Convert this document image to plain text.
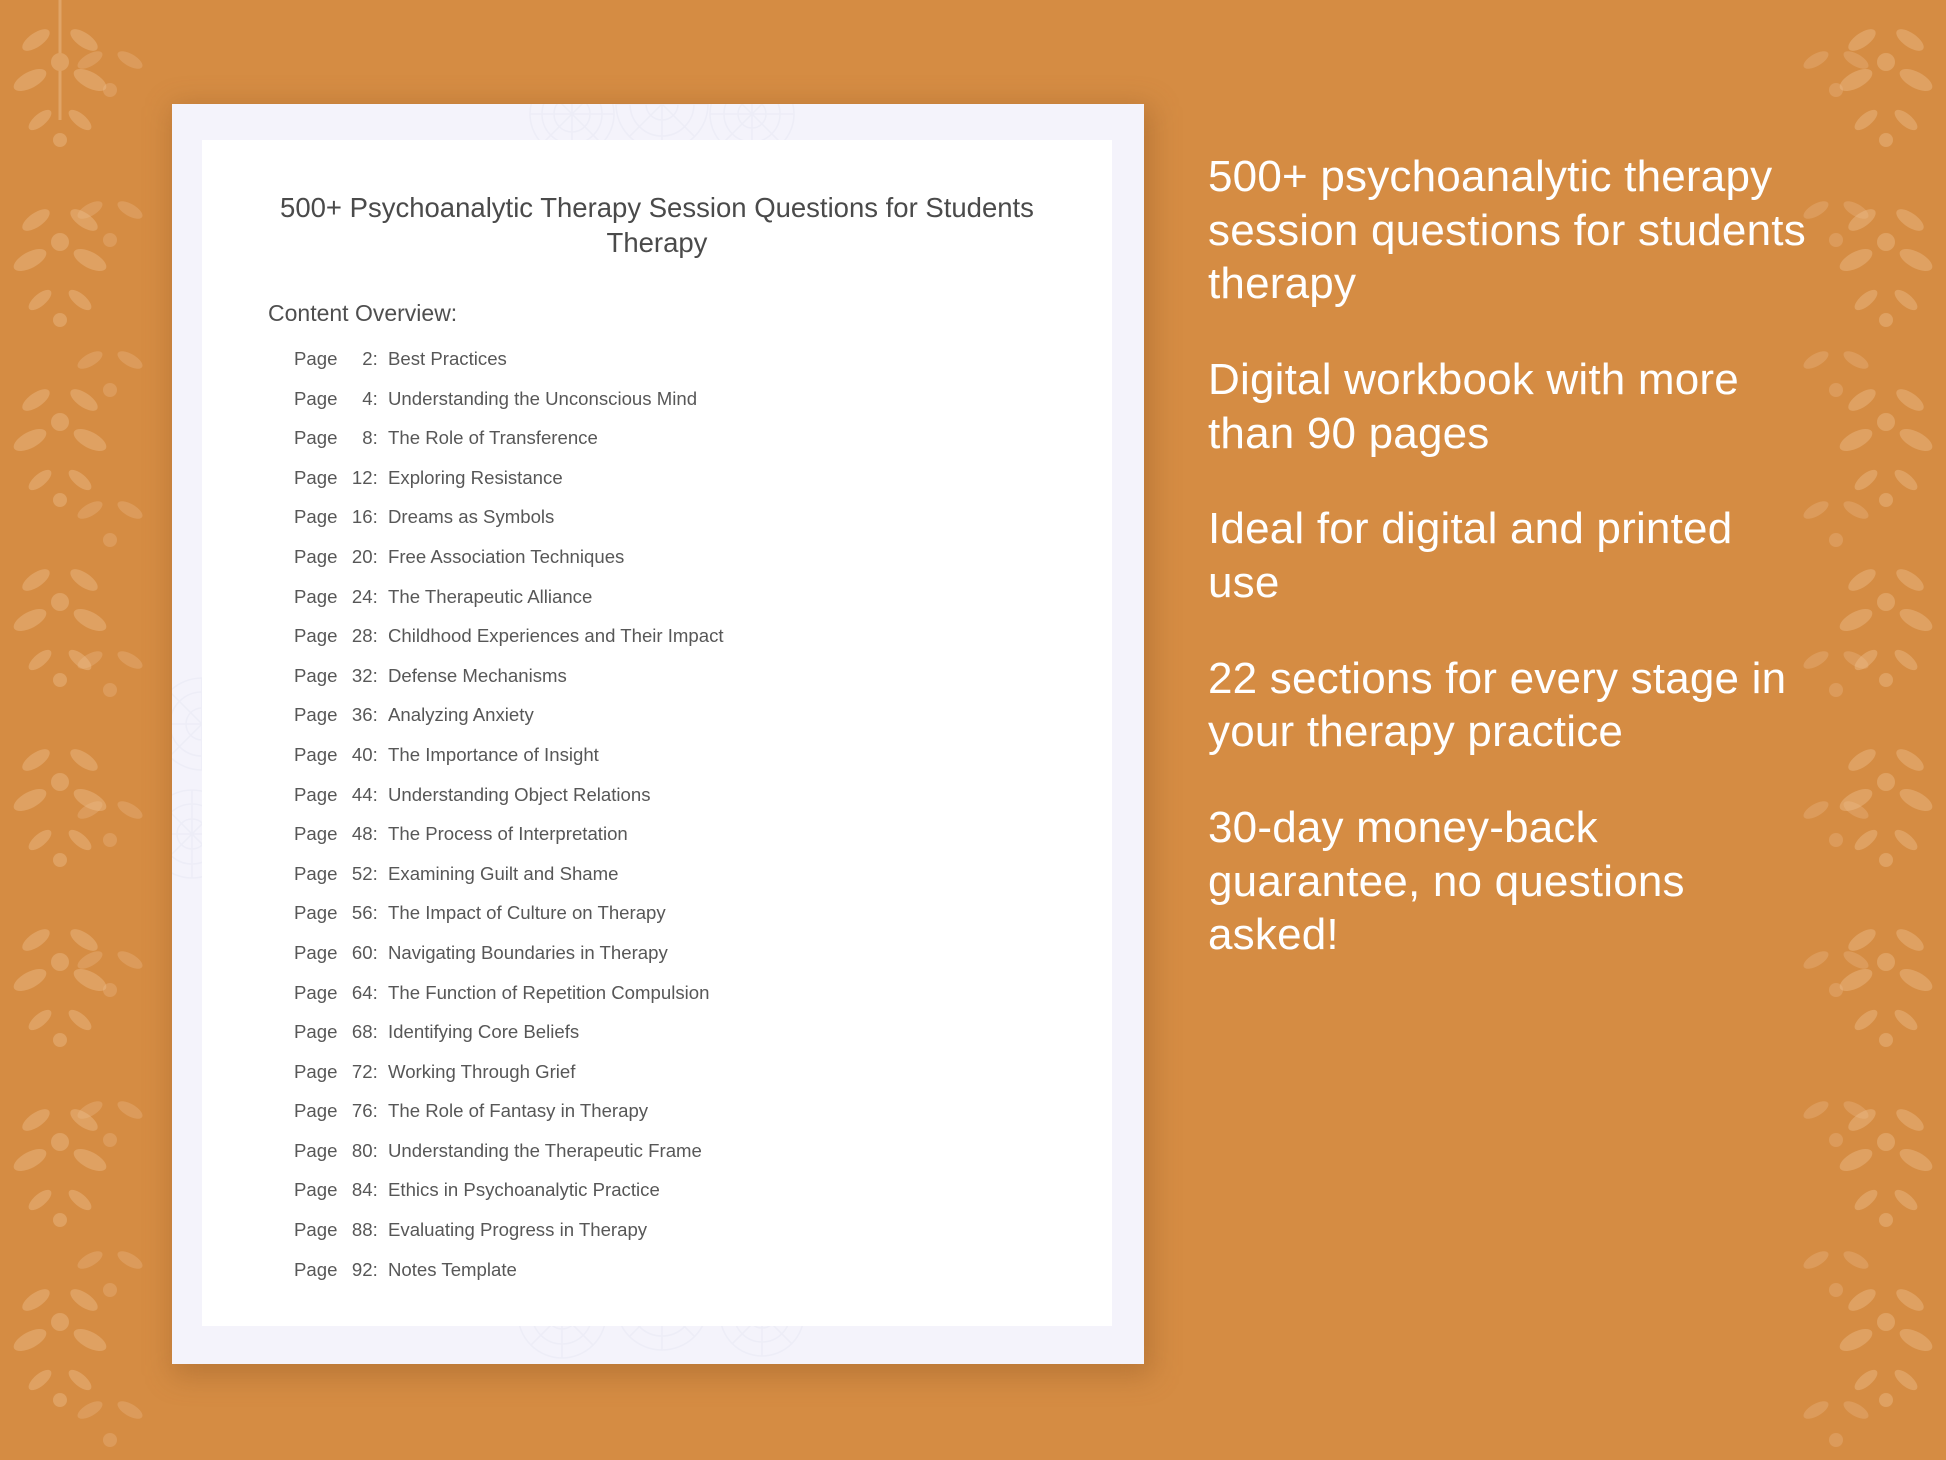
500+ Psychoanalytic Therapy Session Questions for Students Therapy
Content Overview:
Page 2: Best Practices
Page 4: Understanding the Unconscious Mind
Page 8: The Role of Transference
Page 12: Exploring Resistance
Page 16: Dreams as Symbols
Page 20: Free Association Techniques
Page 24: The Therapeutic Alliance
Page 28: Childhood Experiences and Their Impact
Page 32: Defense Mechanisms
Page 36: Analyzing Anxiety
Page 40: The Importance of Insight
Page 44: Understanding Object Relations
Page 48: The Process of Interpretation
Page 52: Examining Guilt and Shame
Page 56: The Impact of Culture on Therapy
Page 60: Navigating Boundaries in Therapy
Page 64: The Function of Repetition Compulsion
Page 68: Identifying Core Beliefs
Page 72: Working Through Grief
Page 76: The Role of Fantasy in Therapy
Page 80: Understanding the Therapeutic Frame
Page 84: Ethics in Psychoanalytic Practice
Page 88: Evaluating Progress in Therapy
Page 92: Notes Template
500+ psychoanalytic therapy session questions for students therapy
Digital workbook with more than 90 pages
Ideal for digital and printed use
22 sections for every stage in your therapy practice
30-day money-back guarantee, no questions asked!
